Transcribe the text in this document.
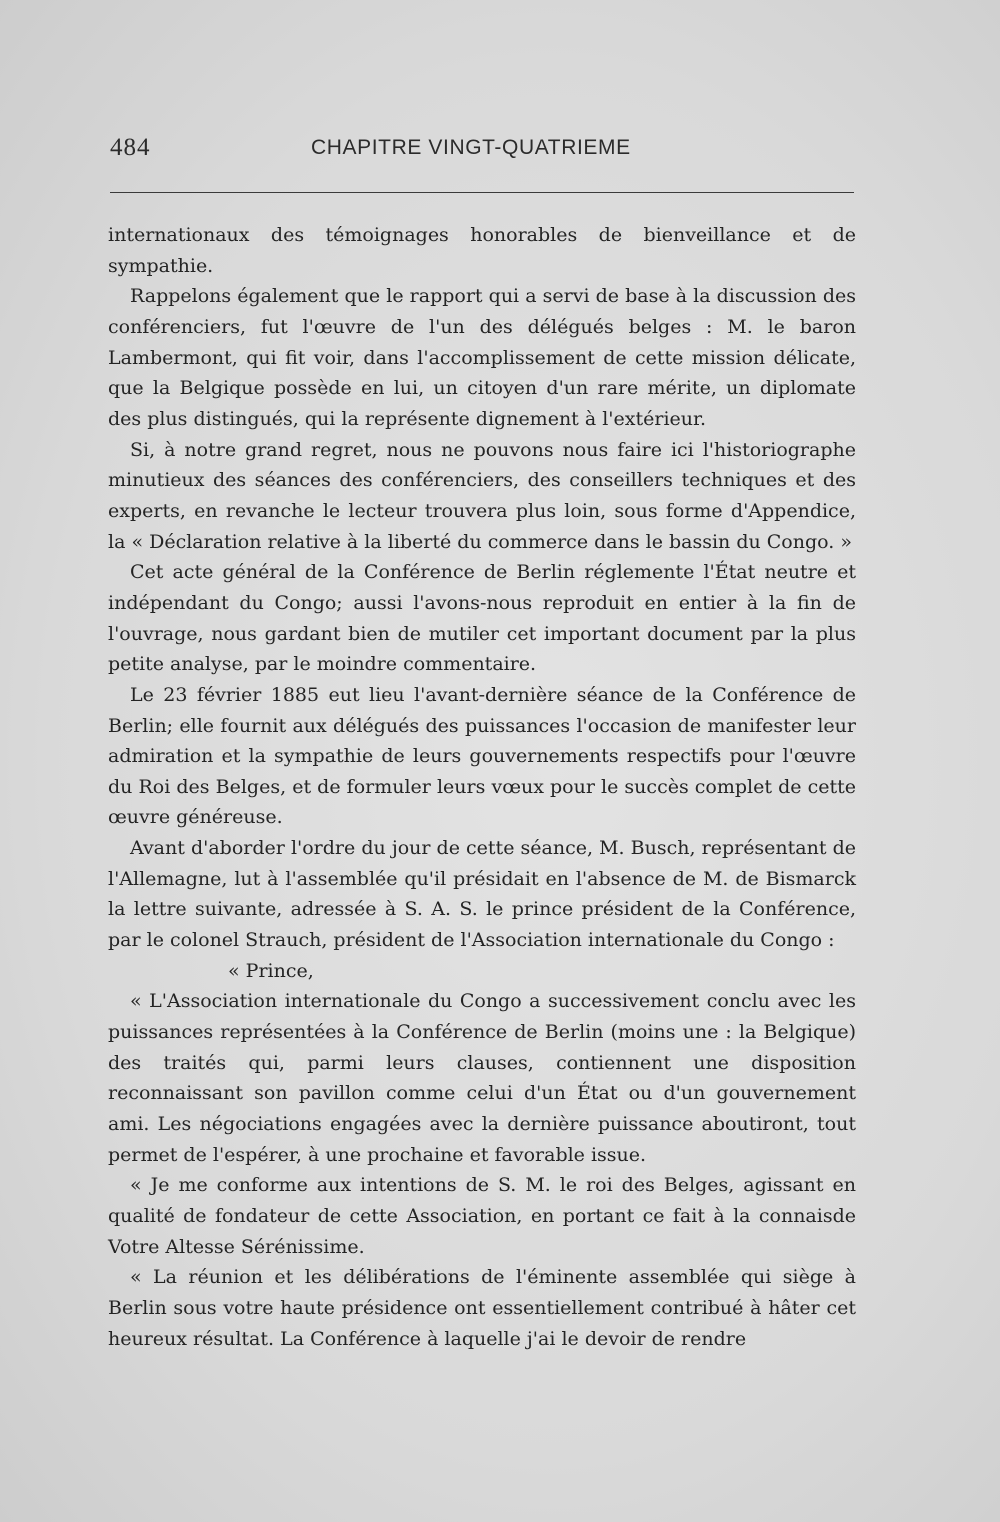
484	CHAPITRE VINGT-QUATRIEME

internationaux des témoignages honorables de bienveillance et de sympathie.

Rappelons également que le rapport qui a servi de base à la discussion des conférenciers, fut l'œuvre de l'un des délégués belges : M. le baron Lambermont, qui fit voir, dans l'accomplissement de cette mission délicate, que la Belgique possède en lui, un citoyen d'un rare mérite, un diplomate des plus distingués, qui la représente dignement à l'extérieur.

Si, à notre grand regret, nous ne pouvons nous faire ici l'historiographe minutieux des séances des conférenciers, des conseillers techniques et des experts, en revanche le lecteur trouvera plus loin, sous forme d'Appendice, la « Déclaration relative à la liberté du commerce dans le bassin du Congo. »

Cet acte général de la Conférence de Berlin réglemente l'État neutre et indépendant du Congo; aussi l'avons-nous reproduit en entier à la fin de l'ouvrage, nous gardant bien de mutiler cet important document par la plus petite analyse, par le moindre commentaire.

Le 23 février 1885 eut lieu l'avant-dernière séance de la Conférence de Berlin; elle fournit aux délégués des puissances l'occasion de manifester leur admiration et la sympathie de leurs gouvernements respectifs pour l'œuvre du Roi des Belges, et de formuler leurs vœux pour le succès complet de cette œuvre généreuse.

Avant d'aborder l'ordre du jour de cette séance, M. Busch, représentant de l'Allemagne, lut à l'assemblée qu'il présidait en l'absence de M. de Bismarck la lettre suivante, adressée à S. A. S. le prince président de la Conférence, par le colonel Strauch, président de l'Association internationale du Congo :

« Prince,

« L'Association internationale du Congo a successivement conclu avec les puissances représentées à la Conférence de Berlin (moins une : la Belgique) des traités qui, parmi leurs clauses, contiennent une disposition reconnaissant son pavillon comme celui d'un État ou d'un gouvernement ami. Les négociations engagées avec la dernière puissance aboutiront, tout permet de l'espérer, à une prochaine et favorable issue.

« Je me conforme aux intentions de S. M. le roi des Belges, agissant en qualité de fondateur de cette Association, en portant ce fait à la connaisde Votre Altesse Sérénissime.

« La réunion et les délibérations de l'éminente assemblée qui siège à Berlin sous votre haute présidence ont essentiellement contribué à hâter cet heureux résultat. La Conférence à laquelle j'ai le devoir de rendre
